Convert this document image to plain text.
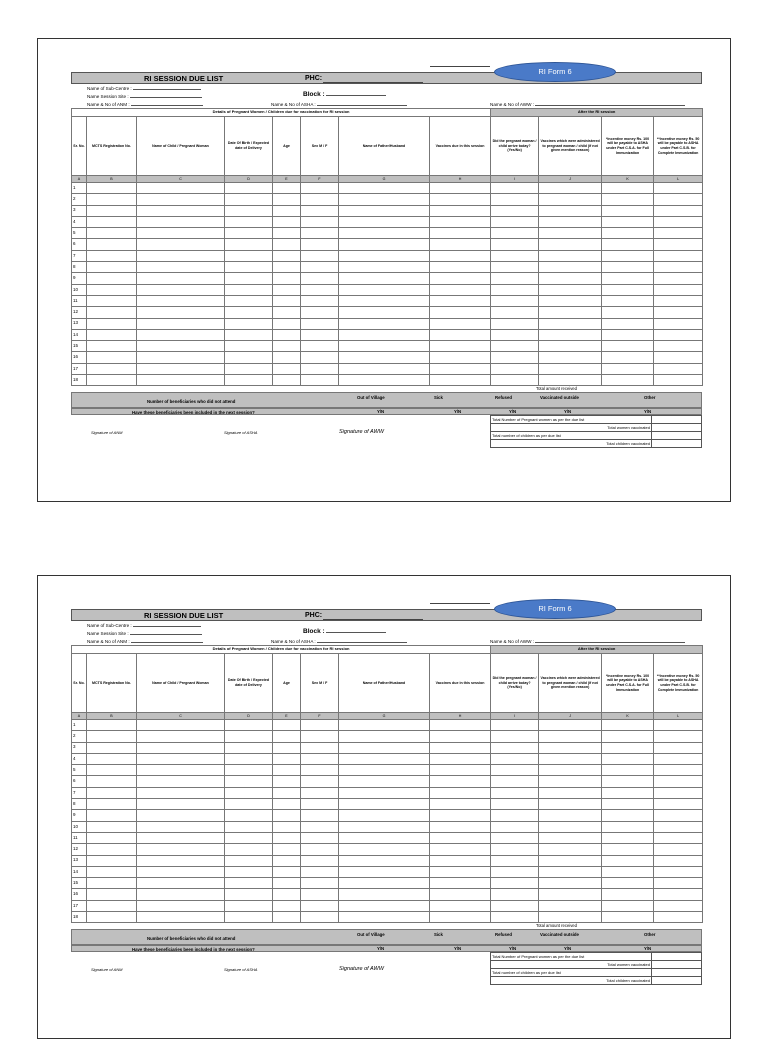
RI SESSION DUE LIST	PHC:
RI Form 6
Name of Sub-Centre :
Name Session Site :
Name & No of ANM :
Block :
Name & No of ASHA :	Name & No of AWW :
Details of Pregnant Women / Children due for vaccination for RI session								After the RI session			
Sr. No.	MCTS Registration No.	Name of Child / Pregnant Woman	Date Of Birth / Expected date of Delivery	Age	Sex M / F	Name of Father/Husband	Vaccines due in this session	Did the pregnant woman / child arrive today? (Yes/No)	Vaccines which were administered to pregnant woman / child (if not given mention reason)	*Incentive money Rs. 100 will be payable to ASHA under Part C.S.A. for Full Immunization	**Incentive money Rs. 50 will be payable to ASHA under Part C.S.B. for Complete Immunization
A	B	C	D	E	F	G	H	I	J	K	L
1											
2											
3											
4											
5											
6											
7											
8											
9											
10											
11											
12											
13											
14											
15											
16											
17											
18											
Total amount received
Number of beneficiaries who did not attend
Out of Village	Sick	Refused	Vaccinated outside	Other
Have these beneficiaries been included in the next session?	Y/N	Y/N	Y/N	Y/N	Y/N
Total Number of Pregnant women as per the due list
Total women vaccinated
Total number of children as per due list
Total children vaccinated
Signature of ANM	Signature of ASHA	Signature of AWW
RI SESSION DUE LIST	PHC:
RI Form 6
Name of Sub-Centre :
Name Session Site :
Name & No of ANM :
Block :
Name & No of ASHA :	Name & No of AWW :
Details of Pregnant Women / Children due for vaccination for RI session								After the RI session			
Sr. No.	MCTS Registration No.	Name of Child / Pregnant Woman	Date Of Birth / Expected date of Delivery	Age	Sex M / F	Name of Father/Husband	Vaccines due in this session	Did the pregnant woman / child arrive today? (Yes/No)	Vaccines which were administered to pregnant woman / child (if not given mention reason)	*Incentive money Rs. 100 will be payable to ASHA under Part C.S.A. for Full Immunization	**Incentive money Rs. 50 will be payable to ASHA under Part C.S.B. for Complete Immunization
A	B	C	D	E	F	G	H	I	J	K	L
1											
2											
3											
4											
5											
6											
7											
8											
9											
10											
11											
12											
13											
14											
15											
16											
17											
18											
Total amount received
Number of beneficiaries who did not attend
Out of Village	Sick	Refused	Vaccinated outside	Other
Have these beneficiaries been included in the next session?	Y/N	Y/N	Y/N	Y/N	Y/N
Total Number of Pregnant women as per the due list
Total women vaccinated
Total number of children as per due list
Total children vaccinated
Signature of ANM	Signature of ASHA	Signature of AWW
